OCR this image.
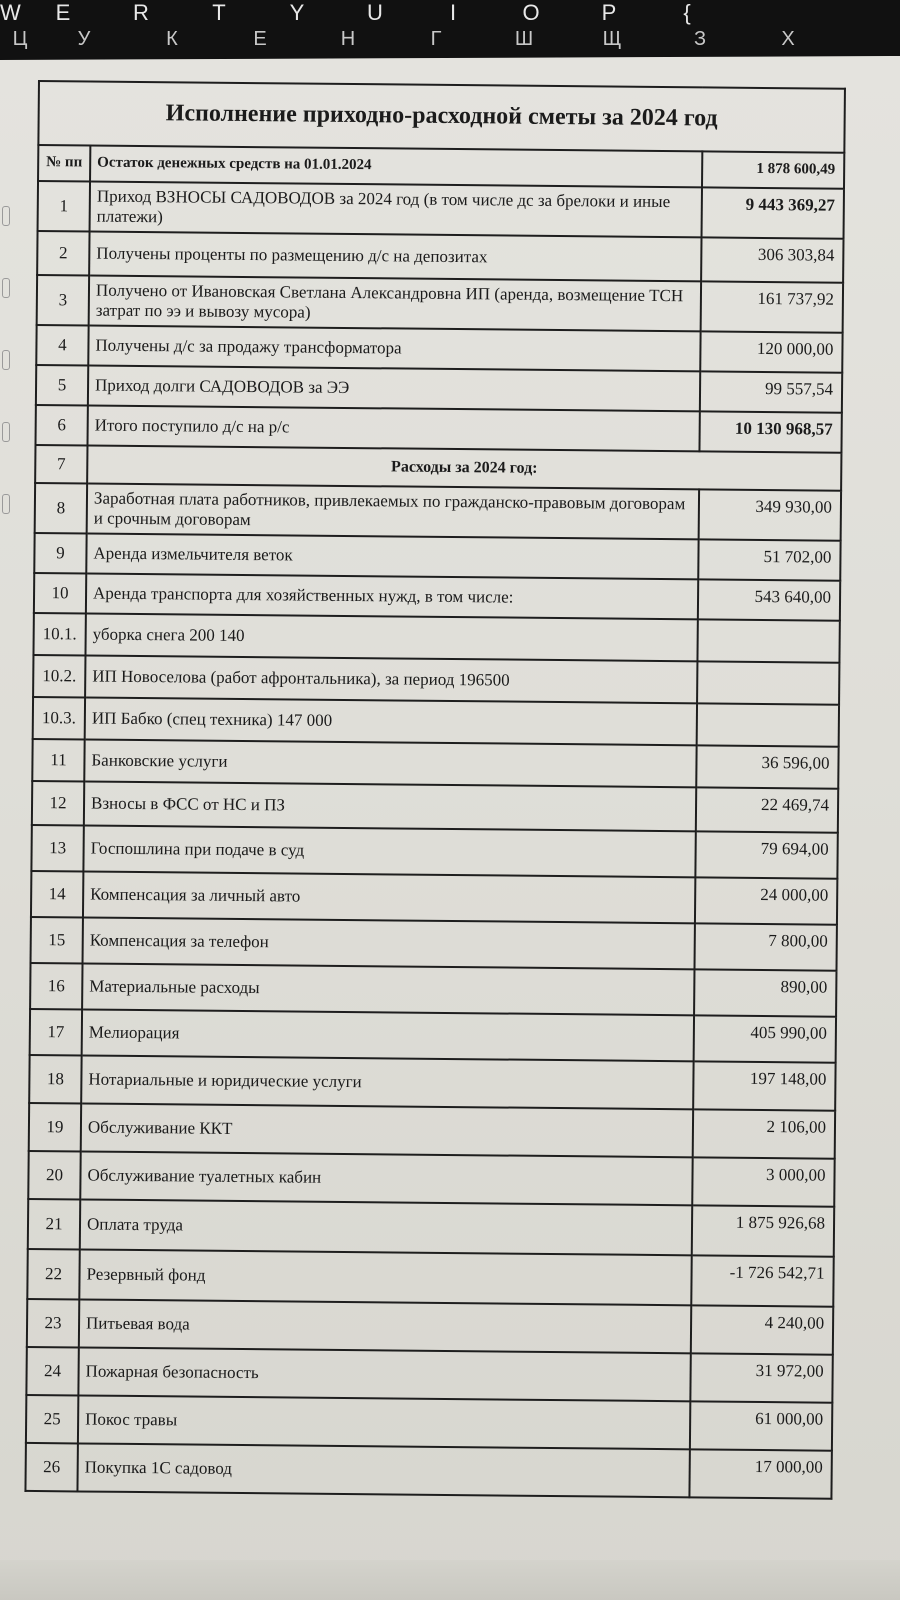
W	E	R	T	Y	U	I	O	P	{
Ц	У	К	Е	Н	Г	Ш	Щ	З	Х
Исполнение приходно-расходной сметы за 2024 год		
№ пп	Остаток денежных средств на 01.01.2024	1 878 600,49
1	Приход ВЗНОСЫ САДОВОДОВ за 2024 год (в том числе дс за брелоки и иные платежи)	9 443 369,27
2	Получены проценты по размещению д/с на депозитах	306 303,84
3	Получено от Ивановская Светлана Александровна ИП (аренда, возмещение ТСН затрат по ээ и вывозу мусора)	161 737,92
4	Получены д/с за продажу трансформатора	120 000,00
5	Приход долги САДОВОДОВ за ЭЭ	99 557,54
6	Итого поступило д/с на р/с	10 130 968,57
7	Расходы за 2024 год:	
8	Заработная плата работников, привлекаемых по гражданско-правовым договорам и срочным договорам	349 930,00
9	Аренда измельчителя веток	51 702,00
10	Аренда транспорта для хозяйственных нужд, в том числе:	543 640,00
10.1.	уборка снега 200 140	
10.2.	ИП Новоселова (работ афронтальника), за период 196500	
10.3.	ИП Бабко (спец техника) 147 000	
11	Банковские услуги	36 596,00
12	Взносы в ФСС от НС и ПЗ	22 469,74
13	Госпошлина при подаче в суд	79 694,00
14	Компенсация за личный авто	24 000,00
15	Компенсация за телефон	7 800,00
16	Материальные расходы	890,00
17	Мелиорация	405 990,00
18	Нотариальные и юридические услуги	197 148,00
19	Обслуживание ККТ	2 106,00
20	Обслуживание туалетных кабин	3 000,00
21	Оплата труда	1 875 926,68
22	Резервный фонд	-1 726 542,71
23	Питьевая вода	4 240,00
24	Пожарная безопасность	31 972,00
25	Покос травы	61 000,00
26	Покупка 1С садовод	17 000,00
